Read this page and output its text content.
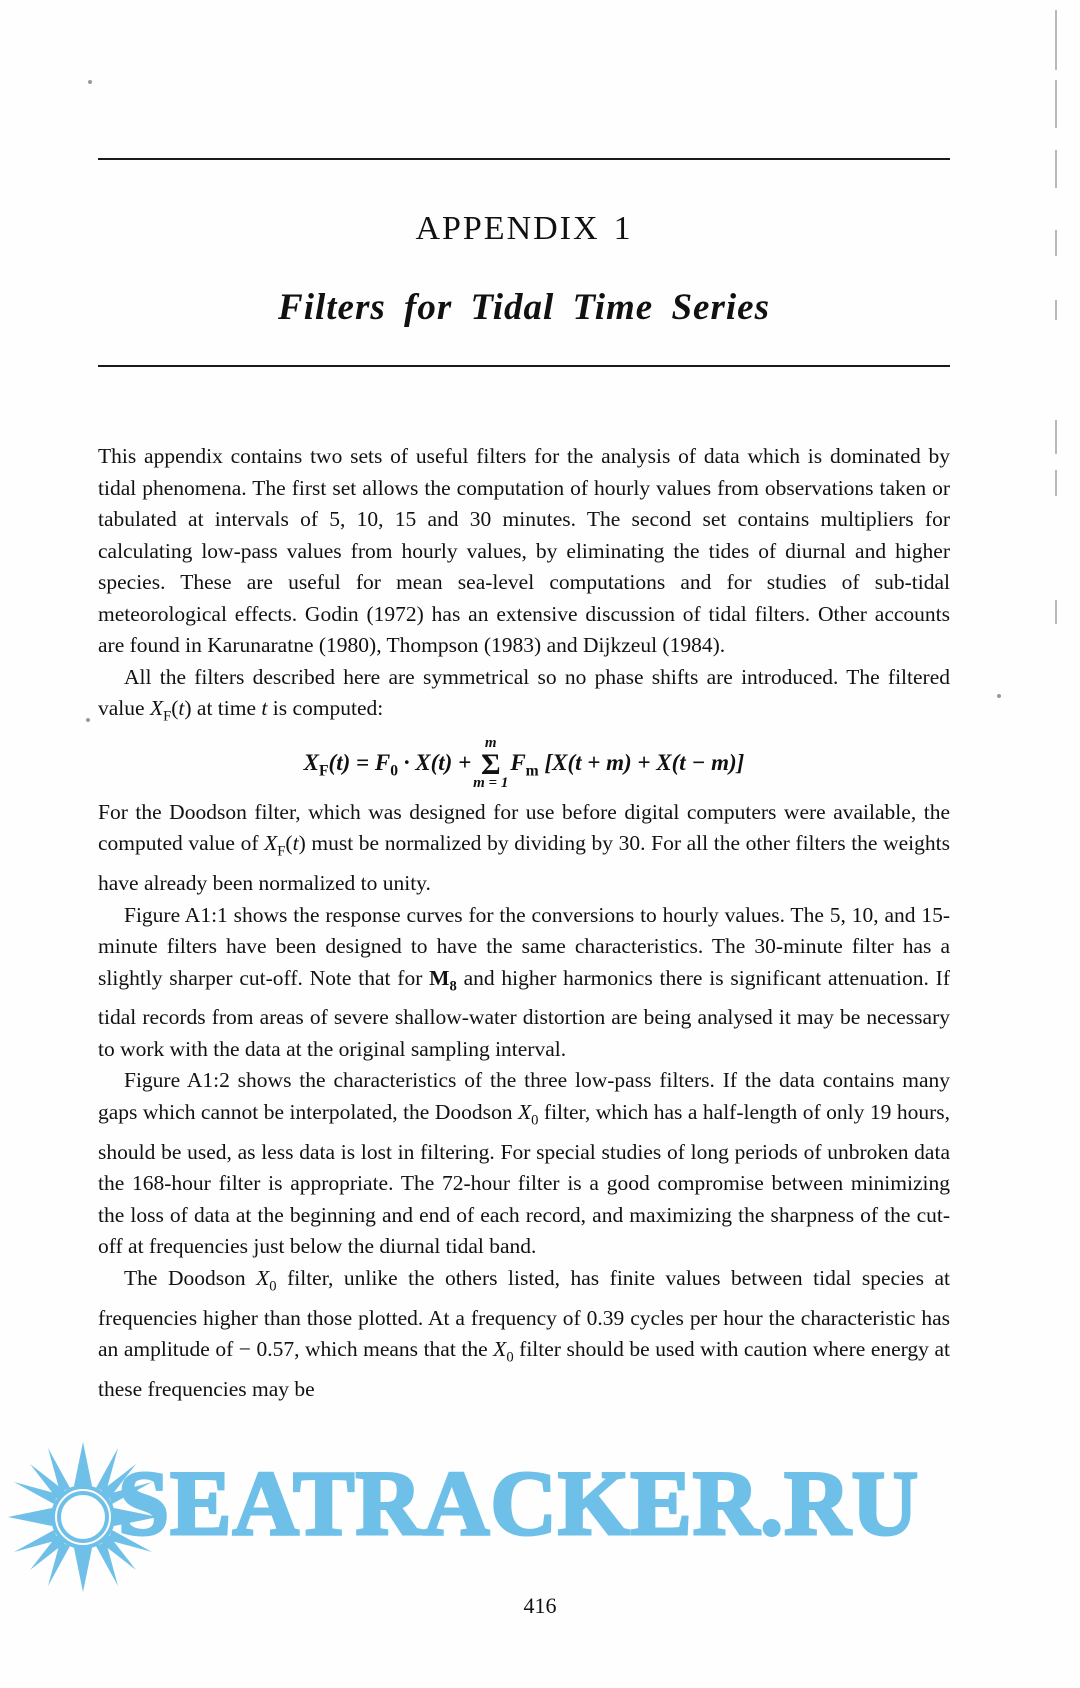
APPENDIX 1
Filters for Tidal Time Series

This appendix contains two sets of useful filters for the analysis of data which is dominated by tidal phenomena. The first set allows the computation of hourly values from observations taken or tabulated at intervals of 5, 10, 15 and 30 minutes. The second set contains multipliers for calculating low-pass values from hourly values, by eliminating the tides of diurnal and higher species. These are useful for mean sea-level computations and for studies of sub-tidal meteorological effects. Godin (1972) has an extensive discussion of tidal filters. Other accounts are found in Karunaratne (1980), Thompson (1983) and Dijkzeul (1984).

All the filters described here are symmetrical so no phase shifts are introduced. The filtered value $X_F(t)$ at time t is computed:

$X_F(t) = F_0 \cdot X(t)$ +
m
Σ
m = 1
$F_m$ [X(t + m) + X(t − m)]

For the Doodson filter, which was designed for use before digital computers were available, the computed value of $X_F(t)$ must be normalized by dividing by 30. For all the other filters the weights have already been normalized to unity.

Figure A1:1 shows the response curves for the conversions to hourly values. The 5, 10, and 15-minute filters have been designed to have the same characteristics. The 30-minute filter has a slightly sharper cut-off. Note that for $M_8$ and higher harmonics there is significant attenuation. If tidal records from areas of severe shallow-water distortion are being analysed it may be necessary to work with the data at the original sampling interval.

Figure A1:2 shows the characteristics of the three low-pass filters. If the data contains many gaps which cannot be interpolated, the Doodson $X_0$ filter, which has a half-length of only 19 hours, should be used, as less data is lost in filtering. For special studies of long periods of unbroken data the 168-hour filter is appropriate. The 72-hour filter is a good compromise between minimizing the loss of data at the beginning and end of each record, and maximizing the sharpness of the cut-off at frequencies just below the diurnal tidal band.

The Doodson $X_0$ filter, unlike the others listed, has finite values between tidal species at frequencies higher than those plotted. At a frequency of 0.39 cycles per hour the characteristic has an amplitude of − 0.57, which means that the $X_0$ filter should be used with caution where energy at these frequencies may be

416
SEATRACKER.RU
